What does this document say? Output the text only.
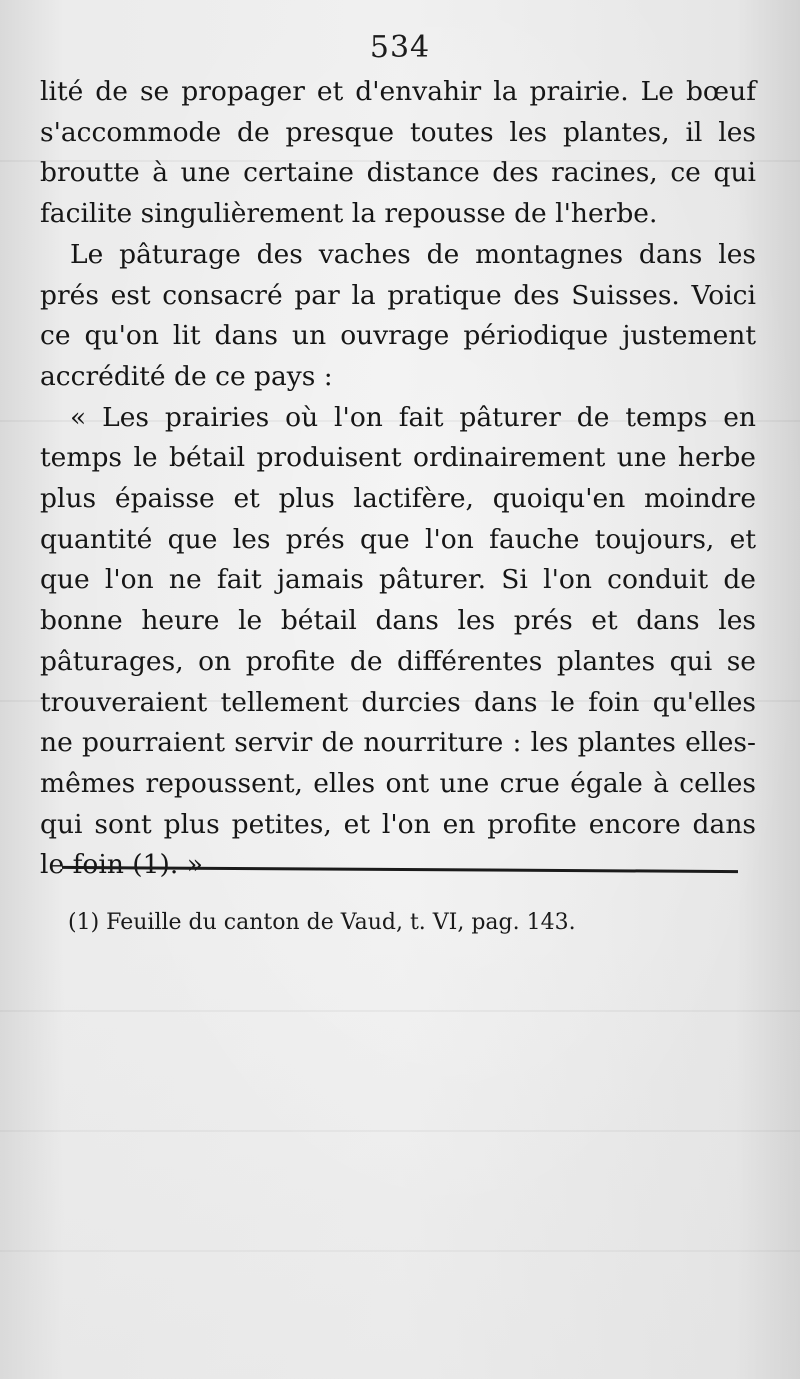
534

lité de se propager et d'envahir la prairie. Le bœuf s'accommode de presque toutes les plantes, il les broutte à une certaine distance des racines, ce qui facilite singulièrement la repousse de l'herbe.

Le pâturage des vaches de montagnes dans les prés est consacré par la pratique des Suisses. Voici ce qu'on lit dans un ouvrage périodique justement accrédité de ce pays :

« Les prairies où l'on fait pâturer de temps en temps le bétail produisent ordinairement une herbe plus épaisse et plus lactifère, quoiqu'en moindre quantité que les prés que l'on fauche toujours, et que l'on ne fait jamais pâturer. Si l'on conduit de bonne heure le bétail dans les prés et dans les pâturages, on profite de différentes plantes qui se trouveraient tellement durcies dans le foin qu'elles ne pourraient servir de nourriture : les plantes elles-mêmes repoussent, elles ont une crue égale à celles qui sont plus petites, et l'on en profite encore dans le foin (1). »

(1) Feuille du canton de Vaud, t. VI, pag. 143.
